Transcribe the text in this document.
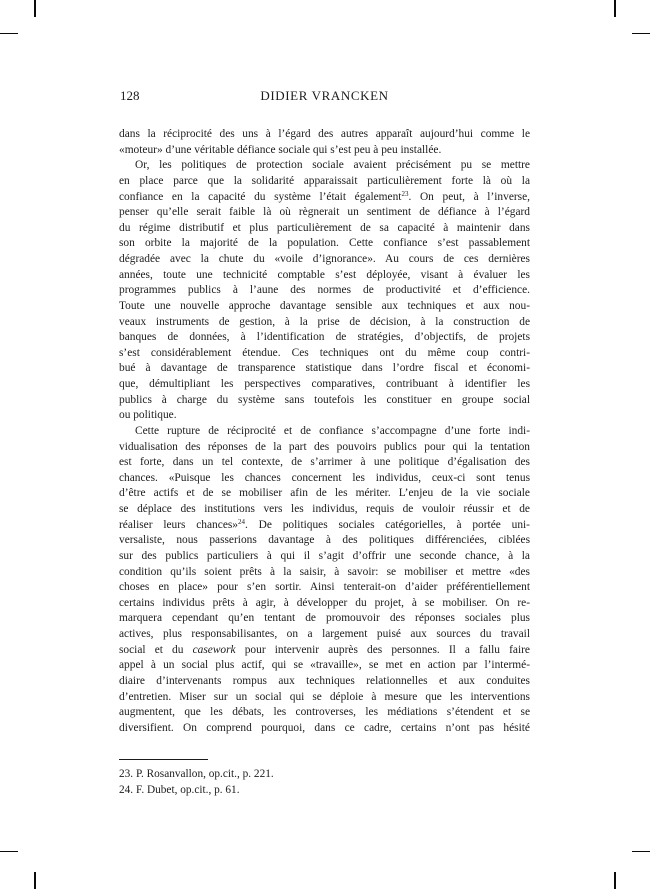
128	DIDIER VRANCKEN
dans la réciprocité des uns à l’égard des autres apparaît aujourd’hui comme le
«moteur» d’une véritable défiance sociale qui s’est peu à peu installée.
Or, les politiques de protection sociale avaient précisément pu se mettre
en place parce que la solidarité apparaissait particulièrement forte là où la
confiance en la capacité du système l’était également$^{23}$. On peut, à l’inverse,
penser qu’elle serait faible là où règnerait un sentiment de défiance à l’égard
du régime distributif et plus particulièrement de sa capacité à maintenir dans
son orbite la majorité de la population. Cette confiance s’est passablement
dégradée avec la chute du «voile d’ignorance». Au cours de ces dernières
années, toute une technicité comptable s’est déployée, visant à évaluer les
programmes publics à l’aune des normes de productivité et d’efficience.
Toute une nouvelle approche davantage sensible aux techniques et aux nou-
veaux instruments de gestion, à la prise de décision, à la construction de
banques de données, à l’identification de stratégies, d’objectifs, de projets
s’est considérablement étendue. Ces techniques ont du même coup contri-
bué à davantage de transparence statistique dans l’ordre fiscal et économi-
que, démultipliant les perspectives comparatives, contribuant à identifier les
publics à charge du système sans toutefois les constituer en groupe social
ou politique.
Cette rupture de réciprocité et de confiance s’accompagne d’une forte indi-
vidualisation des réponses de la part des pouvoirs publics pour qui la tentation
est forte, dans un tel contexte, de s’arrimer à une politique d’égalisation des
chances. «Puisque les chances concernent les individus, ceux-ci sont tenus
d’être actifs et de se mobiliser afin de les mériter. L’enjeu de la vie sociale
se déplace des institutions vers les individus, requis de vouloir réussir et de
réaliser leurs chances»$^{24}$. De politiques sociales catégorielles, à portée uni-
versaliste, nous passerions davantage à des politiques différenciées, ciblées
sur des publics particuliers à qui il s’agit d’offrir une seconde chance, à la
condition qu’ils soient prêts à la saisir, à savoir: se mobiliser et mettre «des
choses en place» pour s’en sortir. Ainsi tenterait-on d’aider préférentiellement
certains individus prêts à agir, à développer du projet, à se mobiliser. On re-
marquera cependant qu’en tentant de promouvoir des réponses sociales plus
actives, plus responsabilisantes, on a largement puisé aux sources du travail
social et du casework pour intervenir auprès des personnes. Il a fallu faire
appel à un social plus actif, qui se «travaille», se met en action par l’intermé-
diaire d’intervenants rompus aux techniques relationnelles et aux conduites
d’entretien. Miser sur un social qui se déploie à mesure que les interventions
augmentent, que les débats, les controverses, les médiations s’étendent et se
diversifient. On comprend pourquoi, dans ce cadre, certains n’ont pas hésité
23. P. Rosanvallon, op.cit., p. 221.
24. F. Dubet, op.cit., p. 61.
